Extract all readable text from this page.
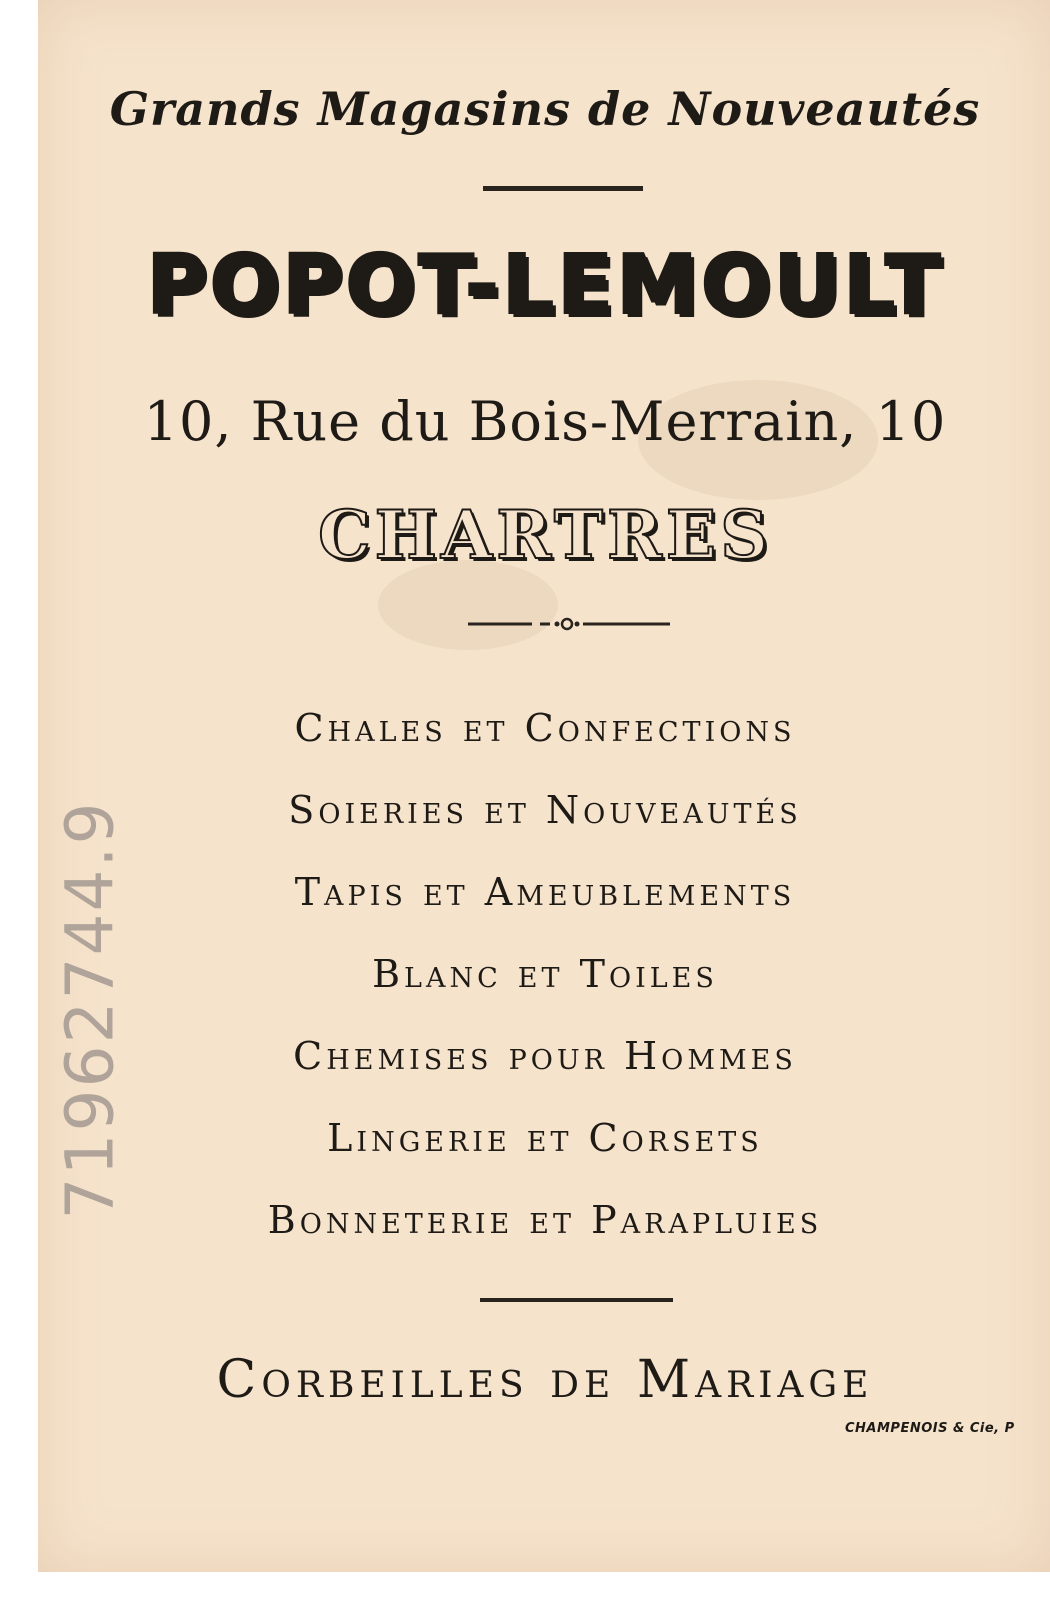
Grands Magasins de Nouveautés
POPOT-LEMOULT
10, Rue du Bois-Merrain, 10
CHARTRES
Chales et Confections
Soieries et Nouveautés
Tapis et Ameublements
Blanc et Toiles
Chemises pour Hommes
Lingerie et Corsets
Bonneterie et Parapluies
Corbeilles de Mariage
CHAMPENOIS & Cie, P
71962744.9
